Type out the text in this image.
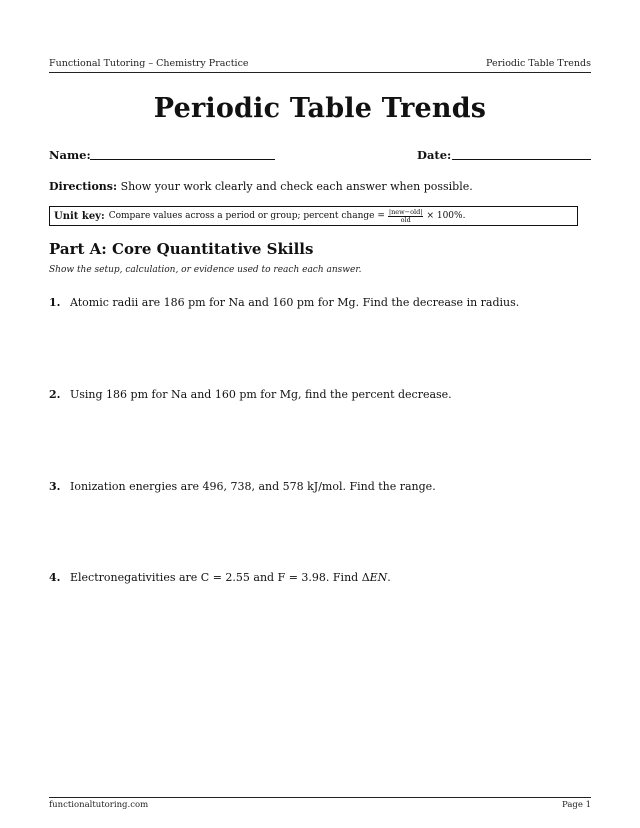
Functional Tutoring – Chemistry Practice	Periodic Table Trends
Periodic Table Trends
Name:	Date:
Directions: Show your work clearly and check each answer when possible.
Unit key: Compare values across a period or group; percent change = $\frac{\text{|new−old|}}{\text{old}} \times 100\%$.
Part A: Core Quantitative Skills
Show the setup, calculation, or evidence used to reach each answer.
1. Atomic radii are 186 pm for Na and 160 pm for Mg. Find the decrease in radius.
2. Using 186 pm for Na and 160 pm for Mg, find the percent decrease.
3. Ionization energies are 496, 738, and 578 kJ/mol. Find the range.
4. Electronegativities are C = 2.55 and F = 3.98. Find ΔEN.
functionaltutoring.com	Page 1
